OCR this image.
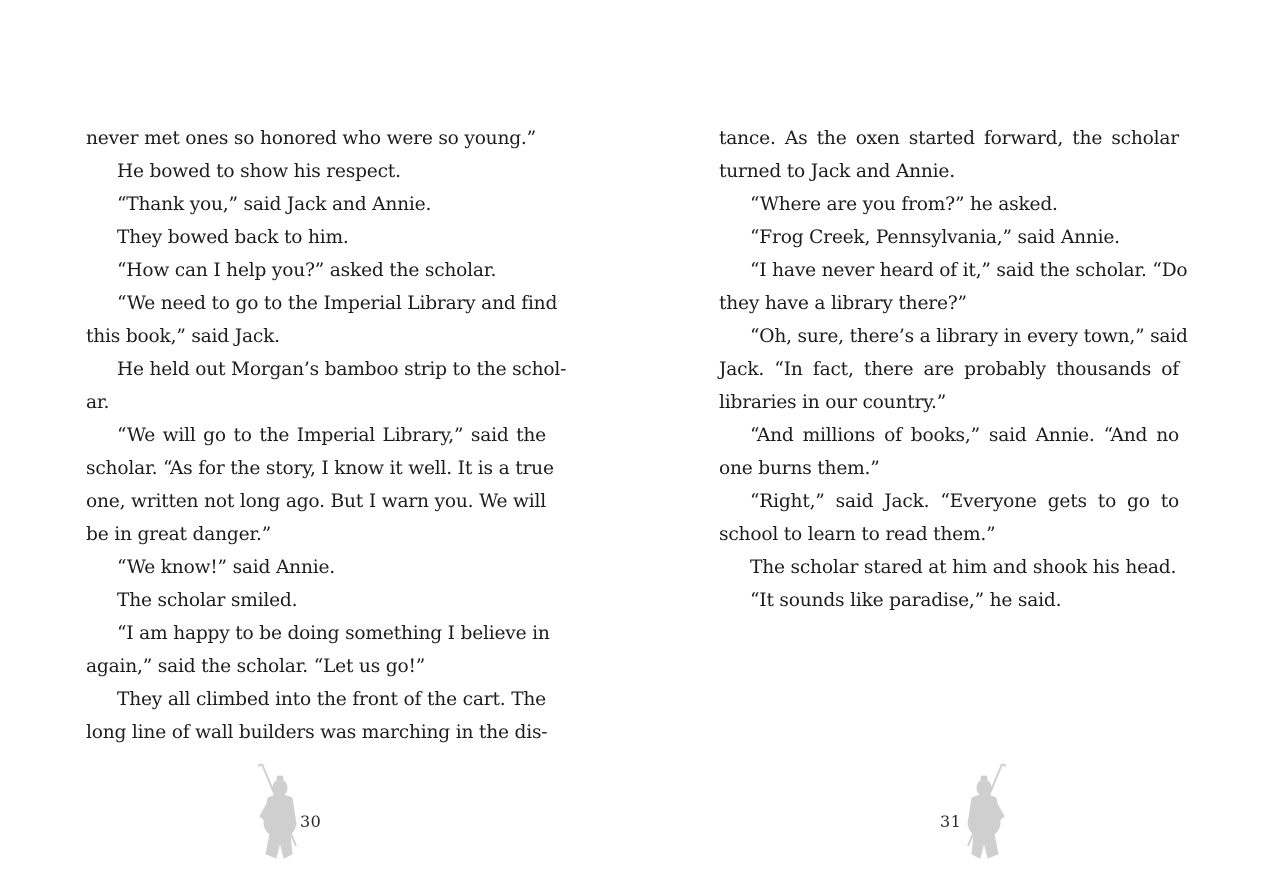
never met ones so honored who were so young.”
He bowed to show his respect.
“Thank you,” said Jack and Annie.
They bowed back to him.
“How can I help you?” asked the scholar.
“We need to go to the Imperial Library and find
this book,” said Jack.
He held out Morgan’s bamboo strip to the schol-
ar.
“We will go to the Imperial Library,” said the
scholar. “As for the story, I know it well. It is a true
one, written not long ago. But I warn you. We will
be in great danger.”
“We know!” said Annie.
The scholar smiled.
“I am happy to be doing something I believe in
again,” said the scholar. “Let us go!”
They all climbed into the front of the cart. The
long line of wall builders was marching in the dis-
tance. As the oxen started forward, the scholar
turned to Jack and Annie.
“Where are you from?” he asked.
“Frog Creek, Pennsylvania,” said Annie.
“I have never heard of it,” said the scholar. “Do
they have a library there?”
“Oh, sure, there’s a library in every town,” said
Jack. “In fact, there are probably thousands of
libraries in our country.”
“And millions of books,” said Annie. “And no
one burns them.”
“Right,” said Jack. “Everyone gets to go to
school to learn to read them.”
The scholar stared at him and shook his head.
“It sounds like paradise,” he said.
30	31
